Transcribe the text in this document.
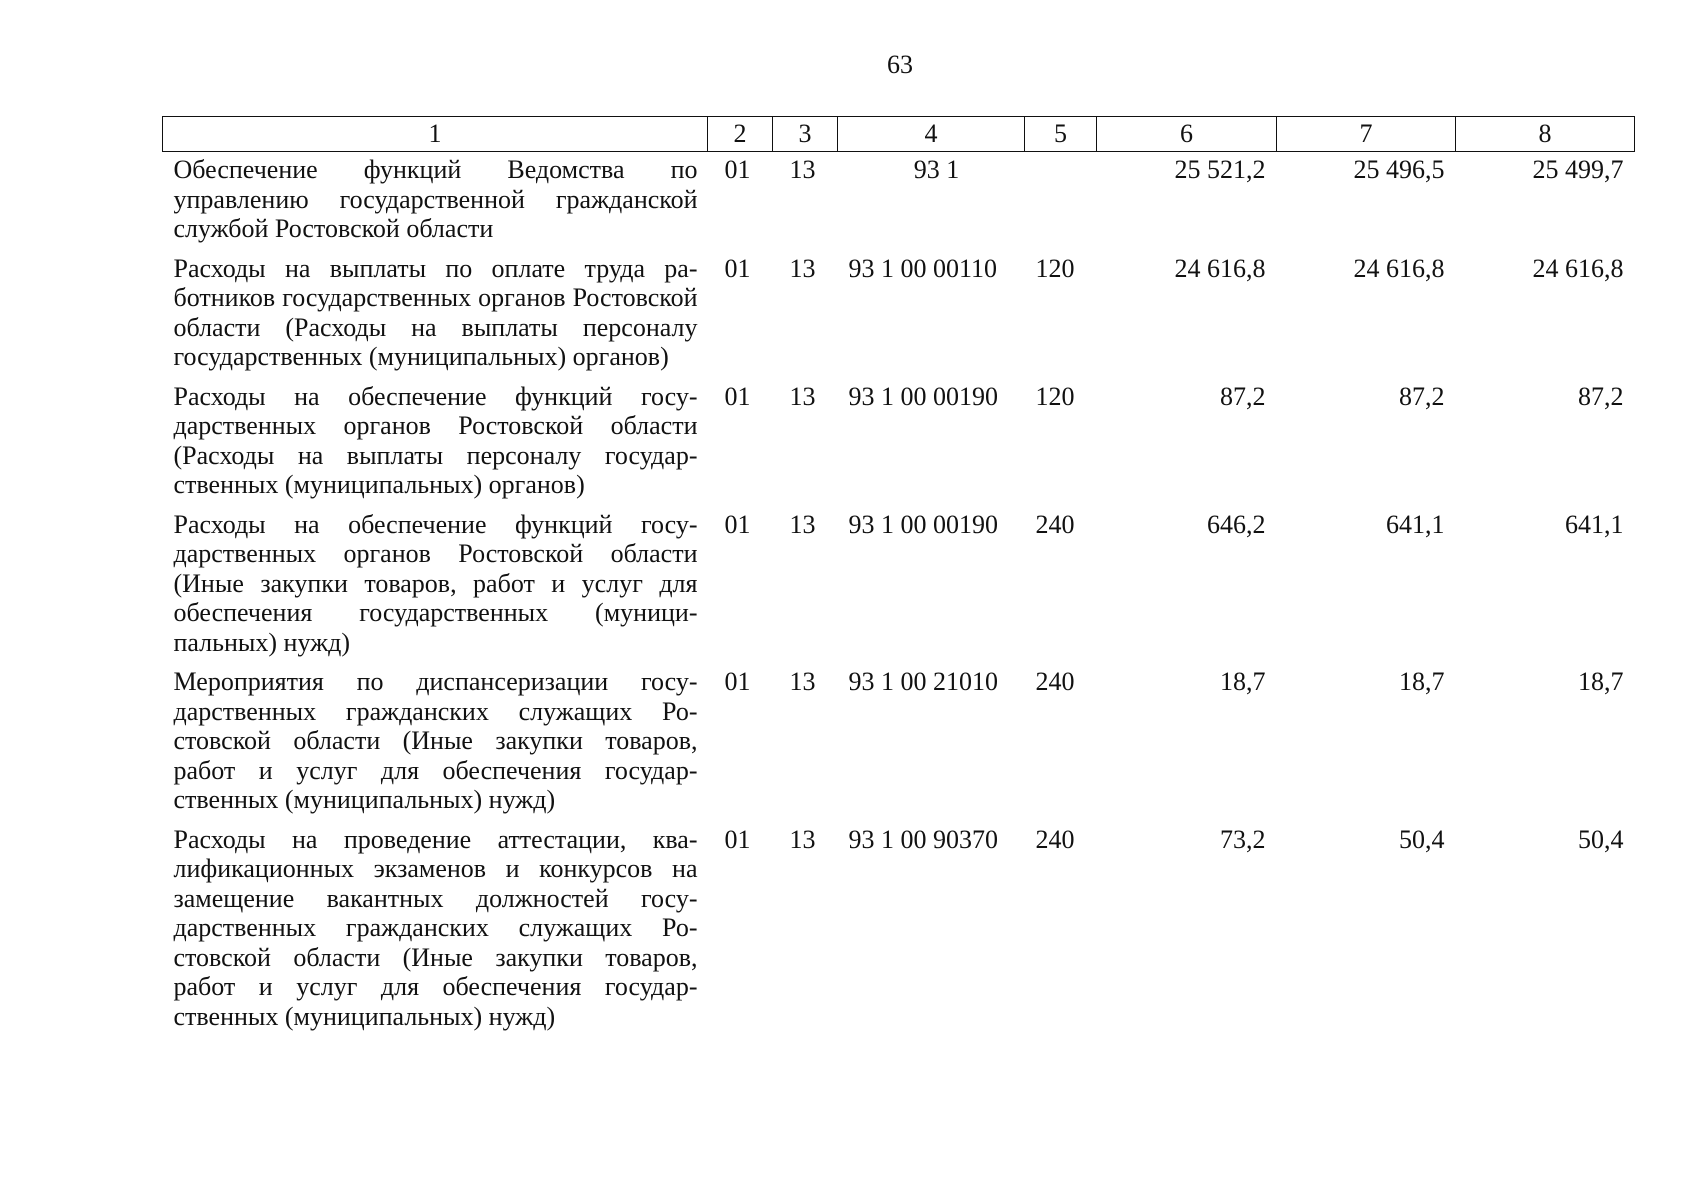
63
1	2	3	4	5	6	7	8
Обеспечение функций Ведомства по управлению государственной гражданской службой Ростовской области	01	13	93 1		25 521,2	25 496,5	25 499,7
Расходы на выплаты по оплате труда работников государственных органов Ростовской области (Расходы на выплаты персоналу государственных (муниципальных) органов)	01	13	93 1 00 00110	120	24 616,8	24 616,8	24 616,8
Расходы на обеспечение функций государственных органов Ростовской области (Расходы на выплаты персоналу государственных (муниципальных) органов)	01	13	93 1 00 00190	120	87,2	87,2	87,2
Расходы на обеспечение функций государственных органов Ростовской области (Иные закупки товаров, работ и услуг для обеспечения государственных (муниципальных) нужд)	01	13	93 1 00 00190	240	646,2	641,1	641,1
Мероприятия по диспансеризации государственных гражданских служащих Ростовской области (Иные закупки товаров, работ и услуг для обеспечения государственных (муниципальных) нужд)	01	13	93 1 00 21010	240	18,7	18,7	18,7
Расходы на проведение аттестации, квалификационных экзаменов и конкурсов на замещение вакантных должностей государственных гражданских служащих Ростовской области (Иные закупки товаров, работ и услуг для обеспечения государственных (муниципальных) нужд)	01	13	93 1 00 90370	240	73,2	50,4	50,4
